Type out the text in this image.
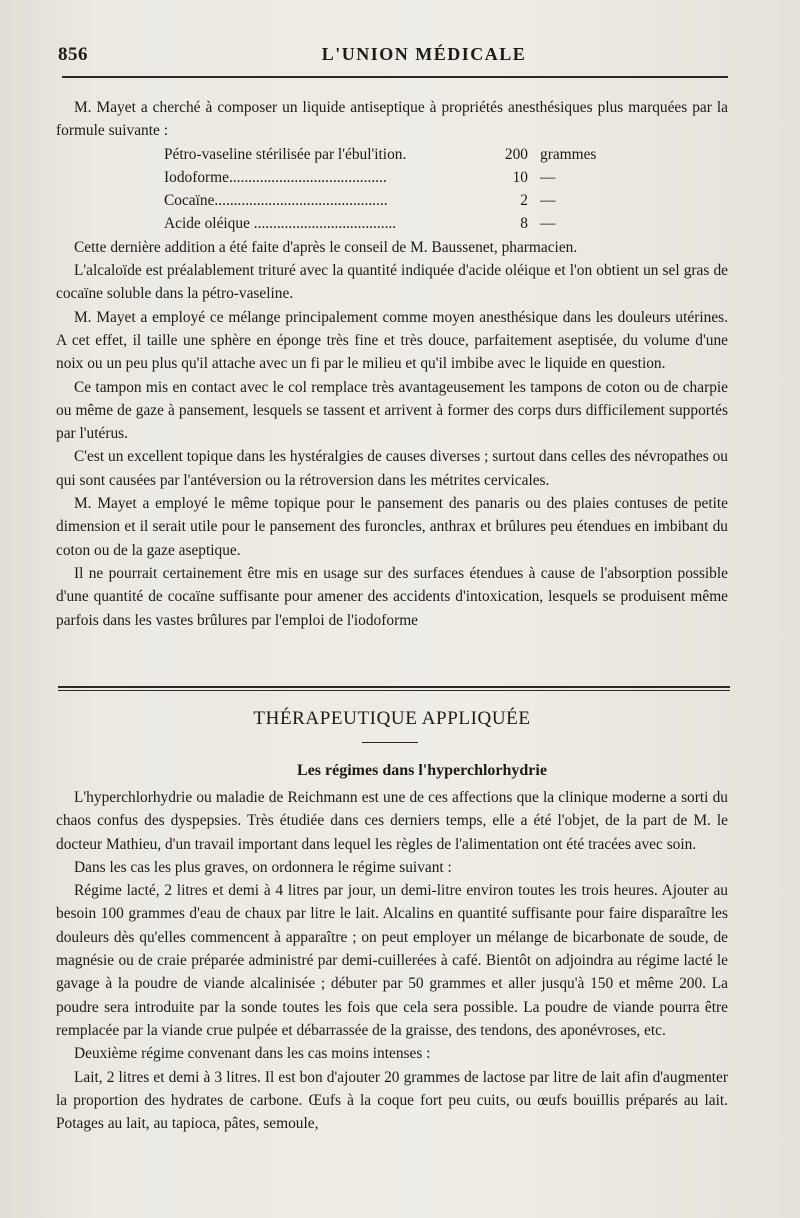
856	L'UNION MÉDICALE

M. Mayet a cherché à composer un liquide antiseptique à propriétés anesthésiques plus marquées par la formule suivante :

Pétro-vaseline stérilisée par l'ébul'ition.	200 grammes
Iodoforme.........................................	10 —
Cocaïne.............................................	2 —
Acide oléique .....................................	8 —

Cette dernière addition a été faite d'après le conseil de M. Baussenet, pharmacien.

L'alcaloïde est préalablement trituré avec la quantité indiquée d'acide oléique et l'on obtient un sel gras de cocaïne soluble dans la pétro-vaseline.

M. Mayet a employé ce mélange principalement comme moyen anesthésique dans les douleurs utérines. A cet effet, il taille une sphère en éponge très fine et très douce, parfaitement aseptisée, du volume d'une noix ou un peu plus qu'il attache avec un fi par le milieu et qu'il imbibe avec le liquide en question.

Ce tampon mis en contact avec le col remplace très avantageusement les tampons de coton ou de charpie ou même de gaze à pansement, lesquels se tassent et arrivent à former des corps durs difficilement supportés par l'utérus.

C'est un excellent topique dans les hystéralgies de causes diverses ; surtout dans celles des névropathes ou qui sont causées par l'antéversion ou la rétroversion dans les métrites cervicales.

M. Mayet a employé le même topique pour le pansement des panaris ou des plaies contuses de petite dimension et il serait utile pour le pansement des furoncles, anthrax et brûlures peu étendues en imbibant du coton ou de la gaze aseptique.

Il ne pourrait certainement être mis en usage sur des surfaces étendues à cause de l'absorption possible d'une quantité de cocaïne suffisante pour amener des accidents d'intoxication, lesquels se produisent même parfois dans les vastes brûlures par l'emploi de l'iodoforme

THÉRAPEUTIQUE APPLIQUÉE
Les régimes dans l'hyperchlorhydrie

L'hyperchlorhydrie ou maladie de Reichmann est une de ces affections que la clinique moderne a sorti du chaos confus des dyspepsies. Très étudiée dans ces derniers temps, elle a été l'objet, de la part de M. le docteur Mathieu, d'un travail important dans lequel les règles de l'alimentation ont été tracées avec soin.

Dans les cas les plus graves, on ordonnera le régime suivant :

Régime lacté, 2 litres et demi à 4 litres par jour, un demi-litre environ toutes les trois heures. Ajouter au besoin 100 grammes d'eau de chaux par litre le lait. Alcalins en quantité suffisante pour faire disparaître les douleurs dès qu'elles commencent à apparaître ; on peut employer un mélange de bicarbonate de soude, de magnésie ou de craie préparée administré par demi-cuillerées à café. Bientôt on adjoindra au régime lacté le gavage à la poudre de viande alcalinisée ; débuter par 50 grammes et aller jusqu'à 150 et même 200. La poudre sera introduite par la sonde toutes les fois que cela sera possible. La poudre de viande pourra être remplacée par la viande crue pulpée et débarrassée de la graisse, des tendons, des aponévroses, etc.

Deuxième régime convenant dans les cas moins intenses :

Lait, 2 litres et demi à 3 litres. Il est bon d'ajouter 20 grammes de lactose par litre de lait afin d'augmenter la proportion des hydrates de carbone. Œufs à la coque fort peu cuits, ou œufs bouillis préparés au lait. Potages au lait, au tapioca, pâtes, semoule,
